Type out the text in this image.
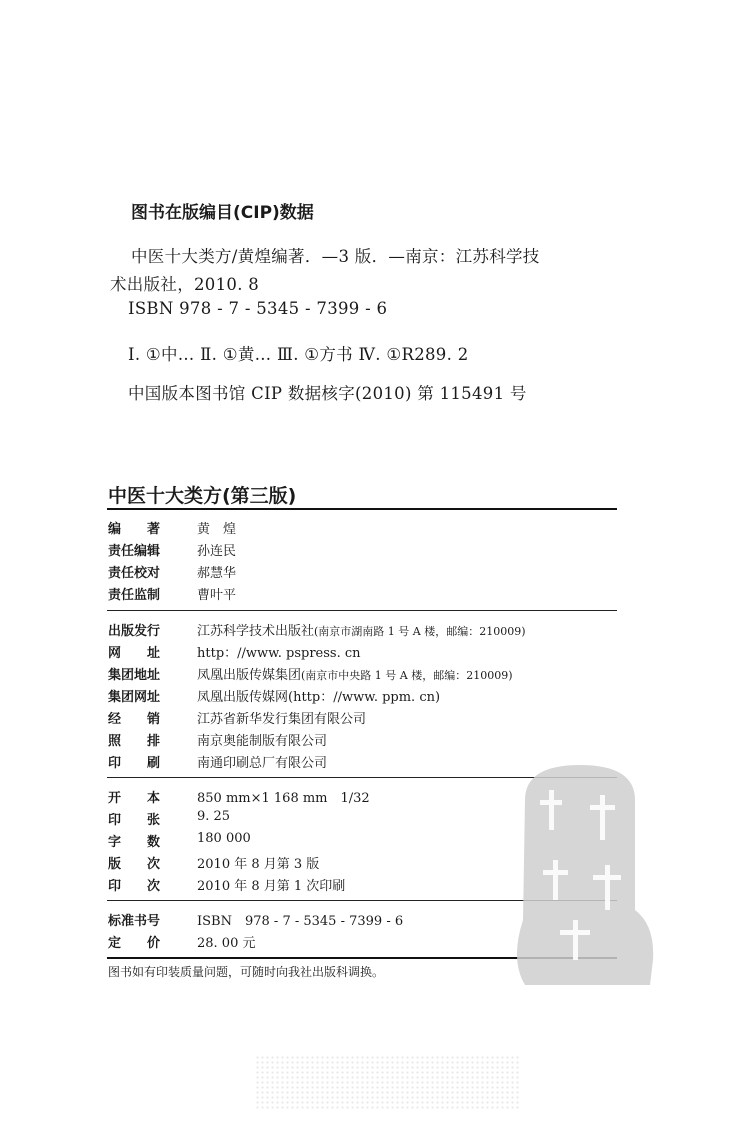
图书在版编目(CIP)数据
中医十大类方/黄煌编著．—3 版．—南京：江苏科学技
术出版社，2010. 8
ISBN 978 - 7 - 5345 - 7399 - 6
Ⅰ. ①中… Ⅱ. ①黄… Ⅲ. ①方书 Ⅳ. ①R289. 2
中国版本图书馆 CIP 数据核字(2010) 第 115491 号
中医十大类方(第三版)
编　　著	黄　煌
责任编辑	孙连民
责任校对	郝慧华
责任监制	曹叶平
出版发行	江苏科学技术出版社(南京市湖南路 1 号 A 楼，邮编：210009)
网　　址	http：//www. pspress. cn
集团地址	凤凰出版传媒集团(南京市中央路 1 号 A 楼，邮编：210009)
集团网址	凤凰出版传媒网(http：//www. ppm. cn)
经　　销	江苏省新华发行集团有限公司
照　　排	南京奥能制版有限公司
印　　刷	南通印刷总厂有限公司
开　　本	850 mm×1 168 mm　1/32
印　　张	9. 25
字　　数	180 000
版　　次	2010 年 8 月第 3 版
印　　次	2010 年 8 月第 1 次印刷
标准书号	ISBN　978 - 7 - 5345 - 7399 - 6
定　　价	28. 00 元
图书如有印装质量问题，可随时向我社出版科调换。
